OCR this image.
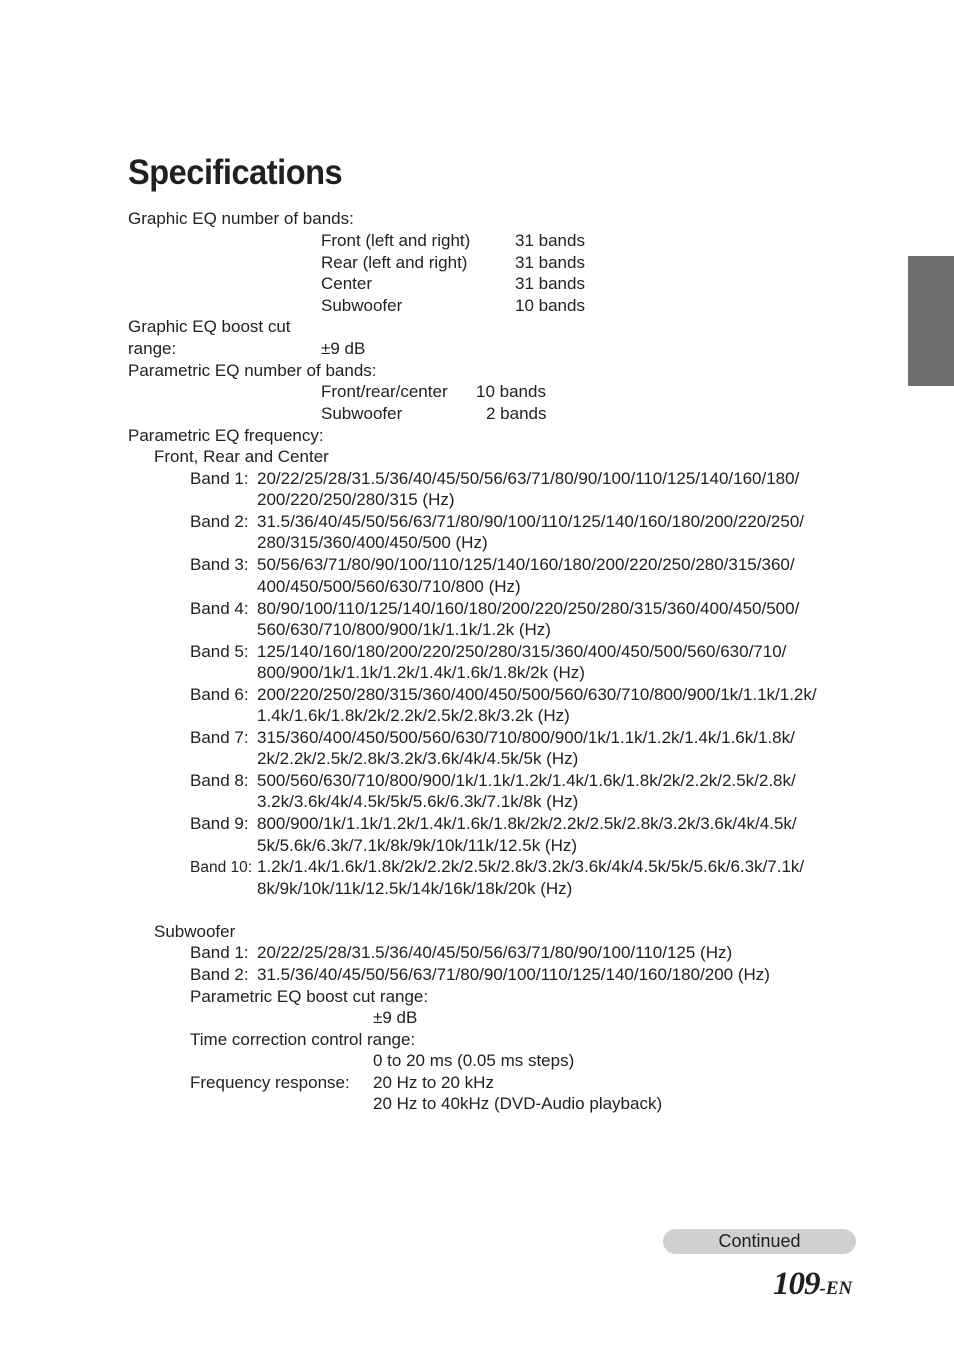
Specifications
Graphic EQ number of bands:
Front (left and right)	31 bands
Rear (left and right)	31 bands
Center	31 bands
Subwoofer	10 bands
Graphic EQ boost cut
range:	±9 dB
Parametric EQ number of bands:
Front/rear/center 10 bands
Subwoofer	2 bands
Parametric EQ frequency:
Front, Rear and Center
Band 1: 20/22/25/28/31.5/36/40/45/50/56/63/71/80/90/100/110/125/140/160/180/
200/220/250/280/315 (Hz)
Band 2: 31.5/36/40/45/50/56/63/71/80/90/100/110/125/140/160/180/200/220/250/
280/315/360/400/450/500 (Hz)
Band 3: 50/56/63/71/80/90/100/110/125/140/160/180/200/220/250/280/315/360/
400/450/500/560/630/710/800 (Hz)
Band 4: 80/90/100/110/125/140/160/180/200/220/250/280/315/360/400/450/500/
560/630/710/800/900/1k/1.1k/1.2k (Hz)
Band 5: 125/140/160/180/200/220/250/280/315/360/400/450/500/560/630/710/
800/900/1k/1.1k/1.2k/1.4k/1.6k/1.8k/2k (Hz)
Band 6: 200/220/250/280/315/360/400/450/500/560/630/710/800/900/1k/1.1k/1.2k/
1.4k/1.6k/1.8k/2k/2.2k/2.5k/2.8k/3.2k (Hz)
Band 7: 315/360/400/450/500/560/630/710/800/900/1k/1.1k/1.2k/1.4k/1.6k/1.8k/
2k/2.2k/2.5k/2.8k/3.2k/3.6k/4k/4.5k/5k (Hz)
Band 8: 500/560/630/710/800/900/1k/1.1k/1.2k/1.4k/1.6k/1.8k/2k/2.2k/2.5k/2.8k/
3.2k/3.6k/4k/4.5k/5k/5.6k/6.3k/7.1k/8k (Hz)
Band 9: 800/900/1k/1.1k/1.2k/1.4k/1.6k/1.8k/2k/2.2k/2.5k/2.8k/3.2k/3.6k/4k/4.5k/
5k/5.6k/6.3k/7.1k/8k/9k/10k/11k/12.5k (Hz)
Band 10: 1.2k/1.4k/1.6k/1.8k/2k/2.2k/2.5k/2.8k/3.2k/3.6k/4k/4.5k/5k/5.6k/6.3k/7.1k/
8k/9k/10k/11k/12.5k/14k/16k/18k/20k (Hz)
Subwoofer
Band 1: 20/22/25/28/31.5/36/40/45/50/56/63/71/80/90/100/110/125 (Hz)
Band 2: 31.5/36/40/45/50/56/63/71/80/90/100/110/125/140/160/180/200 (Hz)
Parametric EQ boost cut range:
±9 dB
Time correction control range:
0 to 20 ms (0.05 ms steps)
Frequency response: 20 Hz to 20 kHz
20 Hz to 40kHz (DVD-Audio playback)
Continued
109-EN
